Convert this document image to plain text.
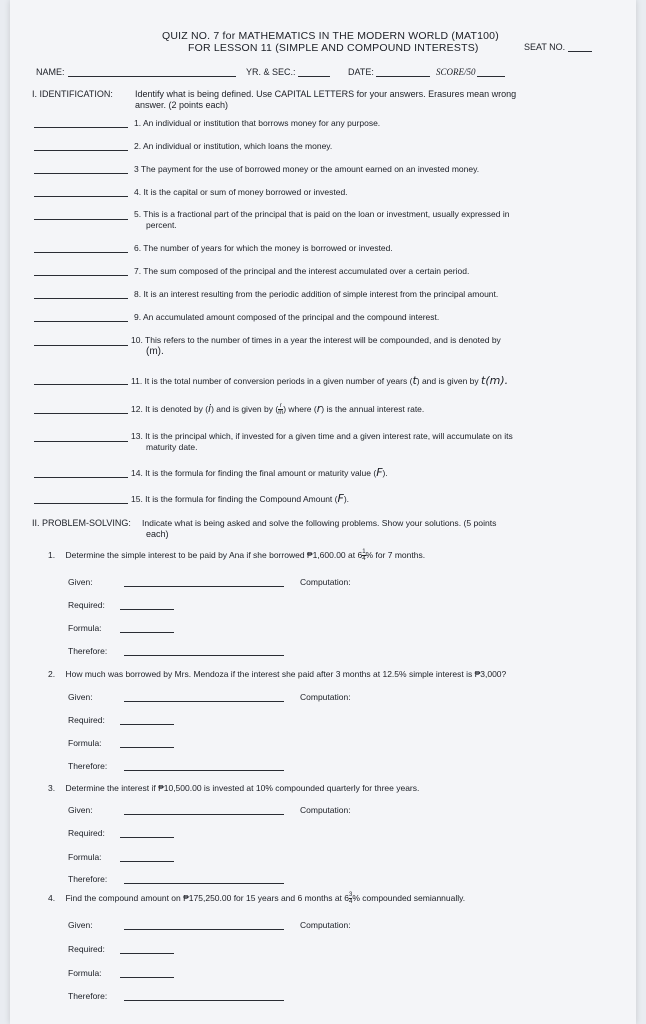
QUIZ NO. 7 for MATHEMATICS IN THE MODERN WORLD (MAT100)
FOR LESSON 11 (SIMPLE AND COMPOUND INTERESTS)	SEAT NO.
NAME:	YR. & SEC.:	DATE:	SCORE/50
I. IDENTIFICATION: Identify what is being defined. Use CAPITAL LETTERS for your answers. Erasures mean wrong
answer. (2 points each)
1. An individual or institution that borrows money for any purpose.
2. An individual or institution, which loans the money.
3 The payment for the use of borrowed money or the amount earned on an invested money.
4. It is the capital or sum of money borrowed or invested.
5. This is a fractional part of the principal that is paid on the loan or investment, usually expressed in
percent.
6. The number of years for which the money is borrowed or invested.
7. The sum composed of the principal and the interest accumulated over a certain period.
8. It is an interest resulting from the periodic addition of simple interest from the principal amount.
9. An accumulated amount composed of the principal and the compound interest.
10. This refers to the number of times in a year the interest will be compounded, and is denoted by
(m).
11. It is the total number of conversion periods in a given number of years (t) and is given by t(m).
12. It is denoted by (i) and is given by ( $\frac{r}{m}$ ) where (r) is the annual interest rate.
13. It is the principal which, if invested for a given time and a given interest rate, will accumulate on its
maturity date.
14. It is the formula for finding the final amount or maturity value (F).
15. It is the formula for finding the Compound Amount (F).
II. PROBLEM-SOLVING: Indicate what is being asked and solve the following problems. Show your solutions. (5 points
each)
1. Determine the simple interest to be paid by Ana if she borrowed ₱1,600.00 at $6 \frac{1}{4}$ % for 7 months.
Given:	Computation:
Required:
Formula:
Therefore:
2. How much was borrowed by Mrs. Mendoza if the interest she paid after 3 months at 12.5% simple interest is ₱3,000?
Given:	Computation:
Required:
Formula:
Therefore:
3. Determine the interest if ₱10,500.00 is invested at 10% compounded quarterly for three years.
Given:	Computation:
Required:
Formula:
Therefore:
4. Find the compound amount on ₱175,250.00 for 15 years and 6 months at $6 \frac{3}{4}$ % compounded semiannually.
Given:	Computation:
Required:
Formula:
Therefore:
